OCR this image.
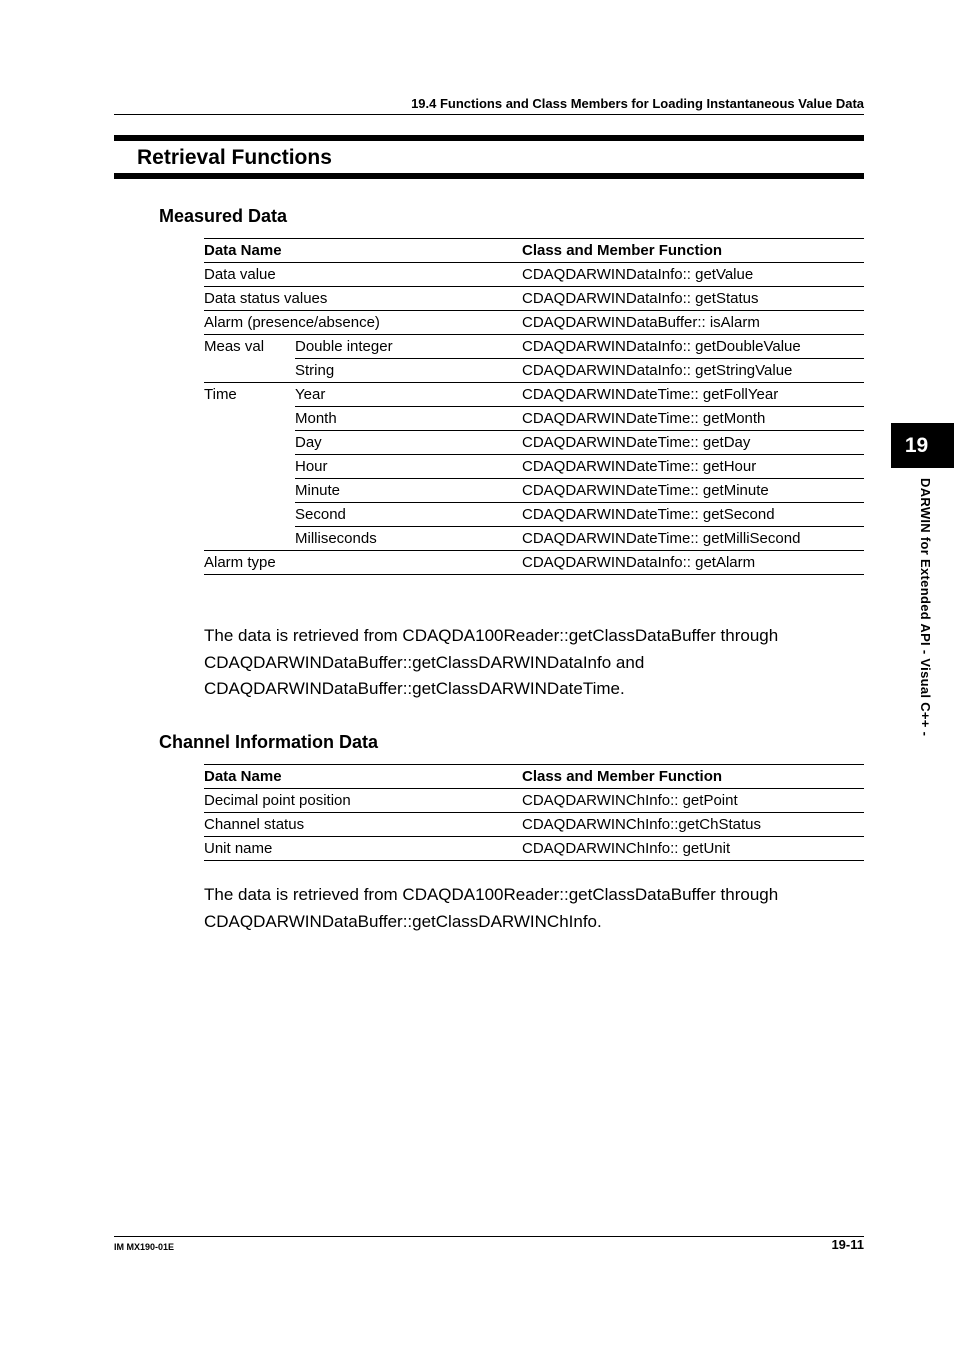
19.4 Functions and Class Members for Loading Instantaneous Value Data
Retrieval Functions
Measured Data
Data Name		Class and Member Function
Data value		CDAQDARWINDataInfo:: getValue
Data status values		CDAQDARWINDataInfo:: getStatus
Alarm (presence/absence)		CDAQDARWINDataBuffer:: isAlarm
Meas val	Double integer	CDAQDARWINDataInfo:: getDoubleValue
	String	CDAQDARWINDataInfo:: getStringValue
Time	Year	CDAQDARWINDateTime:: getFollYear
	Month	CDAQDARWINDateTime:: getMonth
	Day	CDAQDARWINDateTime:: getDay
	Hour	CDAQDARWINDateTime:: getHour
	Minute	CDAQDARWINDateTime:: getMinute
	Second	CDAQDARWINDateTime:: getSecond
	Milliseconds	CDAQDARWINDateTime:: getMilliSecond
Alarm type		CDAQDARWINDataInfo:: getAlarm
The data is retrieved from CDAQDA100Reader::getClassDataBuffer through
CDAQDARWINDataBuffer::getClassDARWINDataInfo and
CDAQDARWINDataBuffer::getClassDARWINDateTime.
Channel Information Data
Data Name	Class and Member Function
Decimal point position	CDAQDARWINChInfo:: getPoint
Channel status	CDAQDARWINChInfo::getChStatus
Unit name	CDAQDARWINChInfo:: getUnit
The data is retrieved from CDAQDA100Reader::getClassDataBuffer through
CDAQDARWINDataBuffer::getClassDARWINChInfo.
19
DARWIN for Extended API - Visual C++ -
IM MX190-01E	19-11
